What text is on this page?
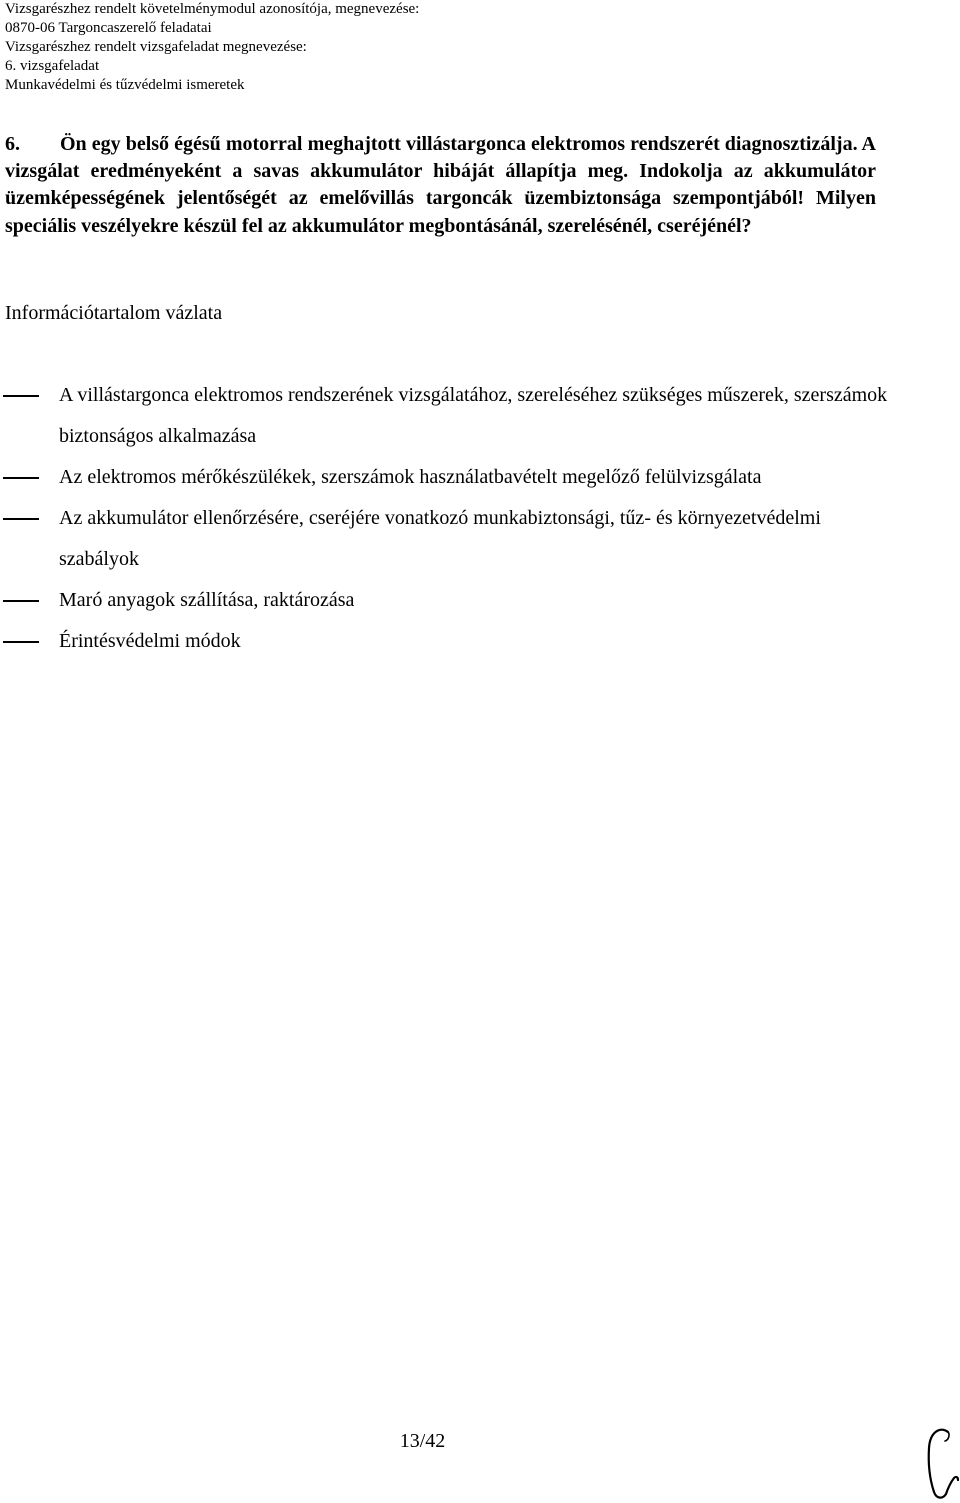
Vizsgarészhez rendelt követelménymodul azonosítója, megnevezése:
0870-06 Targoncaszerelő feladatai
Vizsgarészhez rendelt vizsgafeladat megnevezése:
6. vizsgafeladat
Munkavédelmi és tűzvédelmi ismeretek
6. Ön egy belső égésű motorral meghajtott villástargonca elektromos rendszerét diagnosztizálja. A vizsgálat eredményeként a savas akkumulátor hibáját állapítja meg. Indokolja az akkumulátor üzemképességének jelentőségét az emelővillás targoncák üzembiztonsága szempontjából! Milyen speciális veszélyekre készül fel az akkumulátor megbontásánál, szerelésénél, cseréjénél?
Információtartalom vázlata
A villástargonca elektromos rendszerének vizsgálatához, szereléséhez szükséges műszerek, szerszámok biztonságos alkalmazása
Az elektromos mérőkészülékek, szerszámok használatbavételt megelőző felülvizsgálata
Az akkumulátor ellenőrzésére, cseréjére vonatkozó munkabiztonsági, tűz- és környezetvédelmi szabályok
Maró anyagok szállítása, raktározása
Érintésvédelmi módok
13/42
